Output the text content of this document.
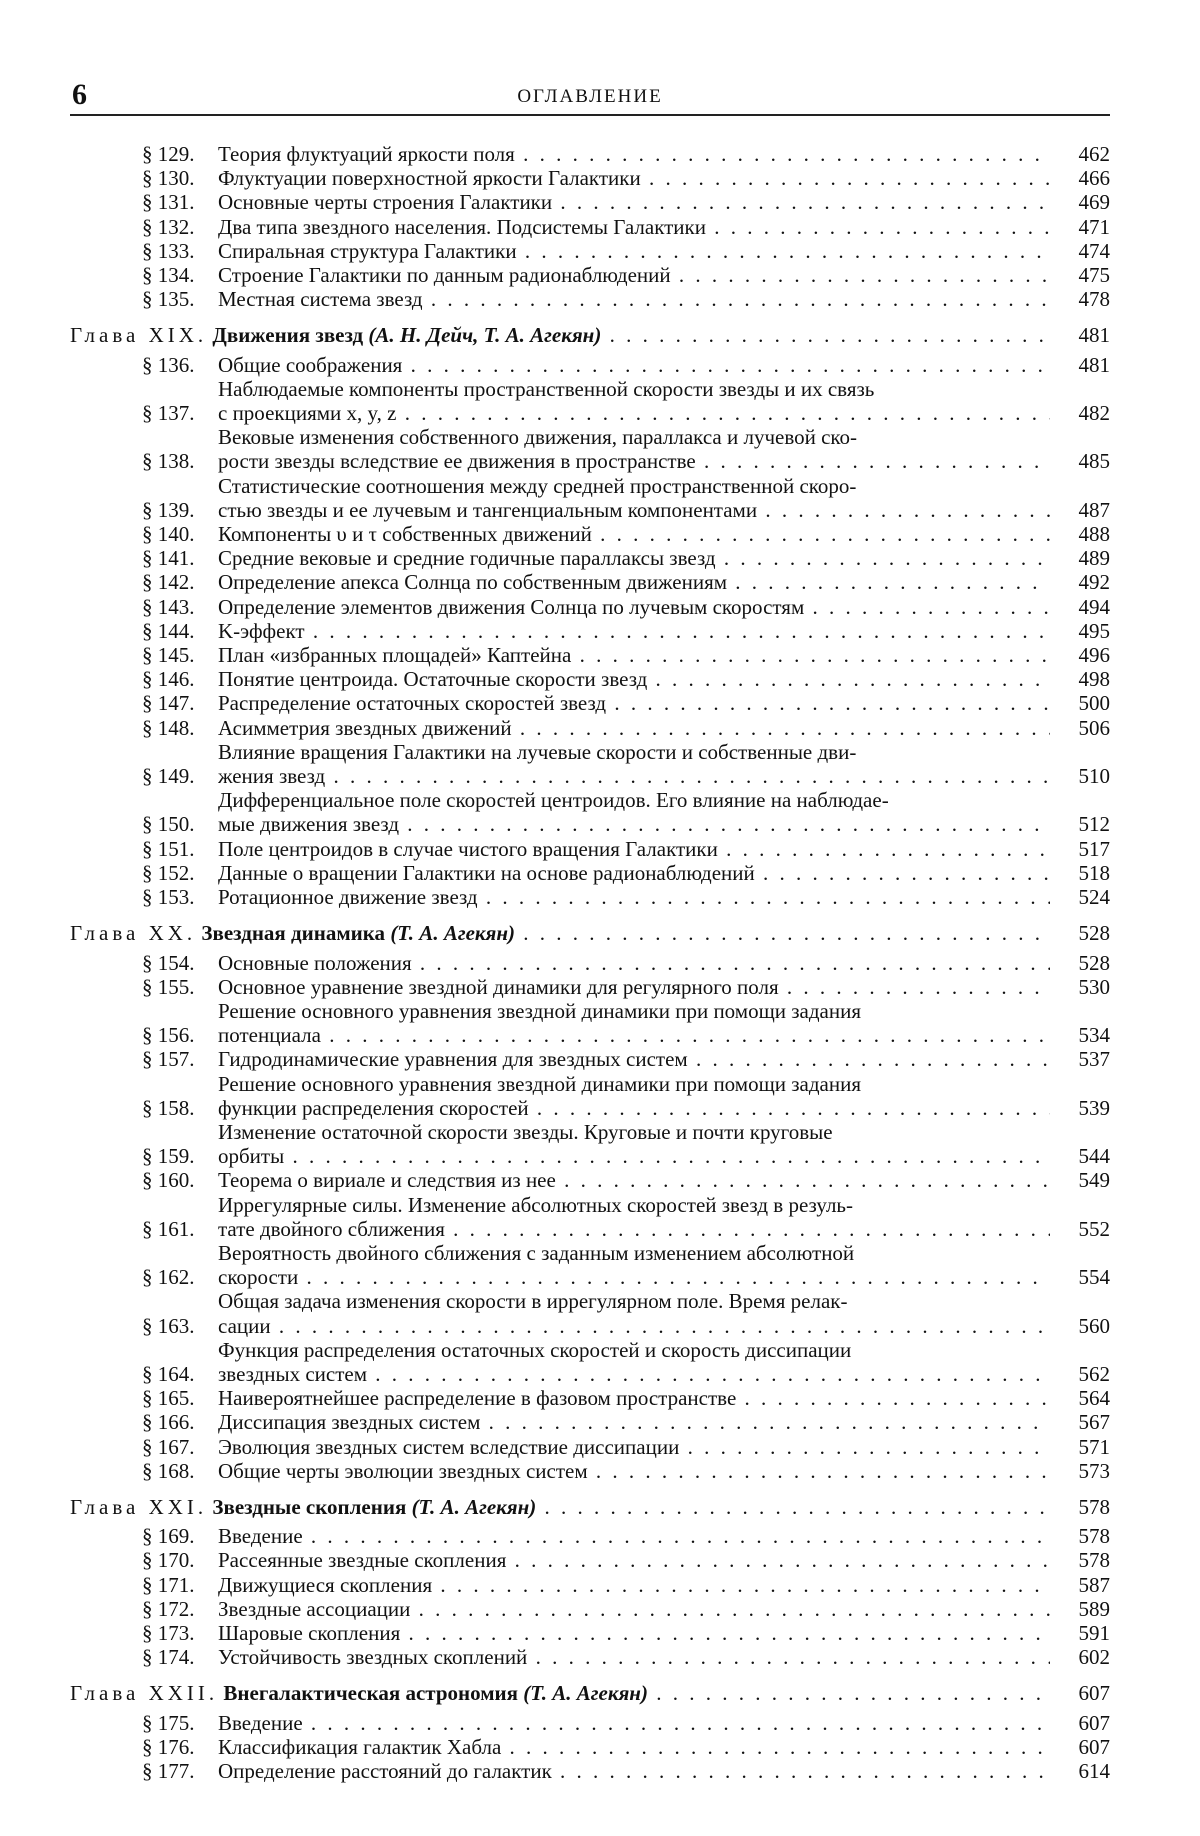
6	ОГЛАВЛЕНИЕ
§ 129.	Теория флуктуаций яркости поля . . .	462
§ 130.	Флуктуации поверхностной яркости Галактики . . .	466
§ 131.	Основные черты строения Галактики . . .	469
§ 132.	Два типа звездного населения. Подсистемы Галактики . . .	471
§ 133.	Спиральная структура Галактики . . .	474
§ 134.	Строение Галактики по данным радионаблюдений . . .	475
§ 135.	Местная система звезд . . .	478
Глава XIX. Движения звезд (А. Н. Дейч, Т. А. Агекян) . . .	481
§ 136.	Общие соображения . . .	481
§ 137.
Наблюдаемые компоненты пространственной скорости звезды и их связь
с проекциями x, y, z . . .	482
§ 138.
Вековые изменения собственного движения, параллакса и лучевой ско-
рости звезды вследствие ее движения в пространстве . . .	485
§ 139.
Статистические соотношения между средней пространственной скоро-
стью звезды и ее лучевым и тангенциальным компонентами . . .	487
§ 140.	Компоненты υ и τ собственных движений . . .	488
§ 141.	Средние вековые и средние годичные параллаксы звезд . . .	489
§ 142.	Определение апекса Солнца по собственным движениям . . .	492
§ 143.	Определение элементов движения Солнца по лучевым скоростям . . .	494
§ 144.	K-эффект . . .	495
§ 145.	План «избранных площадей» Каптейна . . .	496
§ 146.	Понятие центроида. Остаточные скорости звезд . . .	498
§ 147.	Распределение остаточных скоростей звезд . . .	500
§ 148.	Асимметрия звездных движений . . .	506
§ 149.
Влияние вращения Галактики на лучевые скорости и собственные дви-
жения звезд . . .	510
§ 150.
Дифференциальное поле скоростей центроидов. Его влияние на наблюдае-
мые движения звезд . . .	512
§ 151.	Поле центроидов в случае чистого вращения Галактики . . .	517
§ 152.	Данные о вращении Галактики на основе радионаблюдений . . .	518
§ 153.	Ротационное движение звезд . . .	524
Глава XX. Звездная динамика (Т. А. Агекян) . . .	528
§ 154.	Основные положения . . .	528
§ 155.	Основное уравнение звездной динамики для регулярного поля . . .	530
§ 156.
Решение основного уравнения звездной динамики при помощи задания
потенциала . . .	534
§ 157.	Гидродинамические уравнения для звездных систем . . .	537
§ 158.
Решение основного уравнения звездной динамики при помощи задания
функции распределения скоростей . . .	539
§ 159.
Изменение остаточной скорости звезды. Круговые и почти круговые
орбиты . . .	544
§ 160.	Теорема о вириале и следствия из нее . . .	549
§ 161.
Иррегулярные силы. Изменение абсолютных скоростей звезд в резуль-
тате двойного сближения . . .	552
§ 162.
Вероятность двойного сближения с заданным изменением абсолютной
скорости . . .	554
§ 163.
Общая задача изменения скорости в иррегулярном поле. Время релак-
сации . . .	560
§ 164.
Функция распределения остаточных скоростей и скорость диссипации
звездных систем . . .	562
§ 165.	Наивероятнейшее распределение в фазовом пространстве . . .	564
§ 166.	Диссипация звездных систем . . .	567
§ 167.	Эволюция звездных систем вследствие диссипации . . .	571
§ 168.	Общие черты эволюции звездных систем . . .	573
Глава XXI. Звездные скопления (Т. А. Агекян) . . .	578
§ 169.	Введение . . .	578
§ 170.	Рассеянные звездные скопления . . .	578
§ 171.	Движущиеся скопления . . .	587
§ 172.	Звездные ассоциации . . .	589
§ 173.	Шаровые скопления . . .	591
§ 174.	Устойчивость звездных скоплений . . .	602
Глава XXII. Внегалактическая астрономия (Т. А. Агекян) . . .	607
§ 175.	Введение . . .	607
§ 176.	Классификация галактик Хабла . . .	607
§ 177.	Определение расстояний до галактик . . .	614
